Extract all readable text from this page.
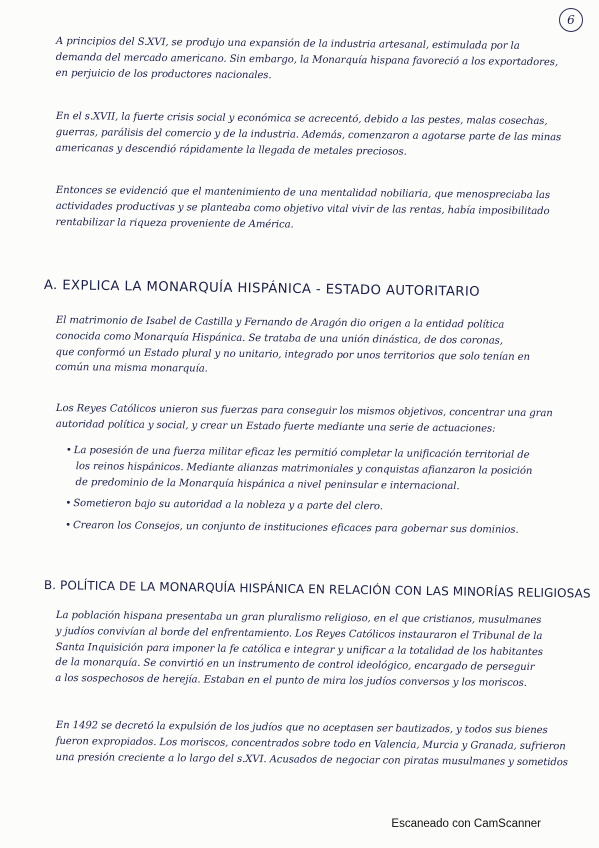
6
A principios del S.XVI, se produjo una expansión de la industria artesanal, estimulada por la
demanda del mercado americano. Sin embargo, la Monarquía hispana favoreció a los exportadores,
en perjuicio de los productores nacionales.
En el s.XVII, la fuerte crisis social y económica se acrecentó, debido a las pestes, malas cosechas,
guerras, parálisis del comercio y de la industria. Además, comenzaron a agotarse parte de las minas
americanas y descendió rápidamente la llegada de metales preciosos.
Entonces se evidenció que el mantenimiento de una mentalidad nobiliaria, que menospreciaba las
actividades productivas y se planteaba como objetivo vital vivir de las rentas, había imposibilitado
rentabilizar la riqueza proveniente de América.
A. EXPLICA LA MONARQUÍA HISPÁNICA - ESTADO AUTORITARIO
El matrimonio de Isabel de Castilla y Fernando de Aragón dio origen a la entidad política
conocida como Monarquía Hispánica. Se trataba de una unión dinástica, de dos coronas,
que conformó un Estado plural y no unitario, integrado por unos territorios que solo tenían en
común una misma monarquía.
Los Reyes Católicos unieron sus fuerzas para conseguir los mismos objetivos, concentrar una gran
autoridad política y social, y crear un Estado fuerte mediante una serie de actuaciones:
• La posesión de una fuerza militar eficaz les permitió completar la unificación territorial de
los reinos hispánicos. Mediante alianzas matrimoniales y conquistas afianzaron la posición
de predominio de la Monarquía hispánica a nivel peninsular e internacional.
• Sometieron bajo su autoridad a la nobleza y a parte del clero.
• Crearon los Consejos, un conjunto de instituciones eficaces para gobernar sus dominios.
B. POLÍTICA DE LA MONARQUÍA HISPÁNICA EN RELACIÓN CON LAS MINORÍAS RELIGIOSAS
La población hispana presentaba un gran pluralismo religioso, en el que cristianos, musulmanes
y judíos convivían al borde del enfrentamiento. Los Reyes Católicos instauraron el Tribunal de la
Santa Inquisición para imponer la fe católica e integrar y unificar a la totalidad de los habitantes
de la monarquía. Se convirtió en un instrumento de control ideológico, encargado de perseguir
a los sospechosos de herejía. Estaban en el punto de mira los judíos conversos y los moriscos.
En 1492 se decretó la expulsión de los judíos que no aceptasen ser bautizados, y todos sus bienes
fueron expropiados. Los moriscos, concentrados sobre todo en Valencia, Murcia y Granada, sufrieron
una presión creciente a lo largo del s.XVI. Acusados de negociar con piratas musulmanes y sometidos
Escaneado con CamScanner
